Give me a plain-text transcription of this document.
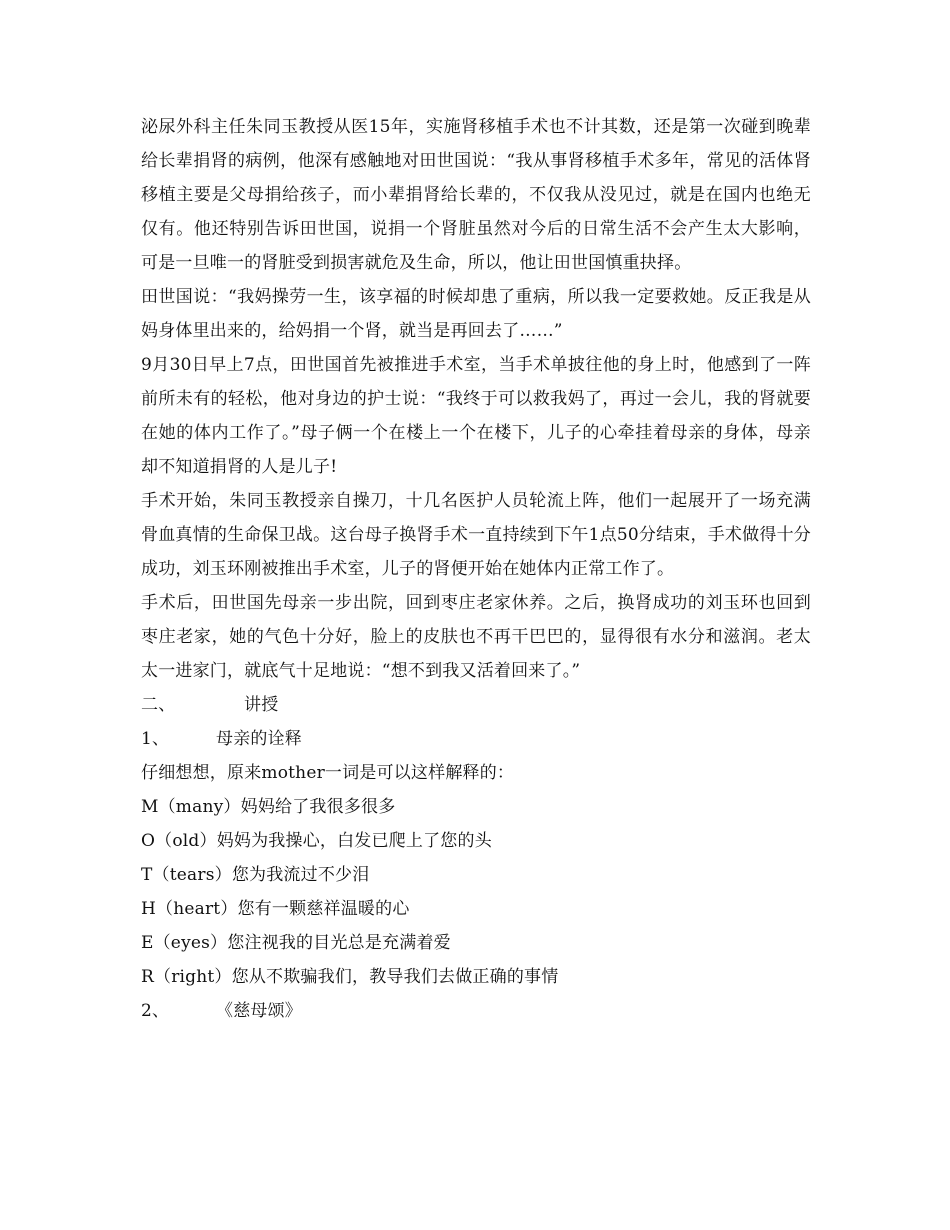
泌尿外科主任朱同玉教授从医15年，实施肾移植手术也不计其数，还是第一次碰到晚辈给长辈捐肾的病例，他深有感触地对田世国说：“我从事肾移植手术多年，常见的活体肾移植主要是父母捐给孩子，而小辈捐肾给长辈的，不仅我从没见过，就是在国内也绝无仅有。他还特别告诉田世国，说捐一个肾脏虽然对今后的日常生活不会产生太大影响，可是一旦唯一的肾脏受到损害就危及生命，所以，他让田世国慎重抉择。

田世国说：“我妈操劳一生，该享福的时候却患了重病，所以我一定要救她。反正我是从妈身体里出来的，给妈捐一个肾，就当是再回去了……”

9月30日早上7点，田世国首先被推进手术室，当手术单披往他的身上时，他感到了一阵前所未有的轻松，他对身边的护士说：“我终于可以救我妈了，再过一会儿，我的肾就要在她的体内工作了。”母子俩一个在楼上一个在楼下，儿子的心牵挂着母亲的身体，母亲却不知道捐肾的人是儿子!

手术开始，朱同玉教授亲自操刀，十几名医护人员轮流上阵，他们一起展开了一场充满骨血真情的生命保卫战。这台母子换肾手术一直持续到下午1点50分结束，手术做得十分成功，刘玉环刚被推出手术室，儿子的肾便开始在她体内正常工作了。

手术后，田世国先母亲一步出院，回到枣庄老家休养。之后，换肾成功的刘玉环也回到枣庄老家，她的气色十分好，脸上的皮肤也不再干巴巴的，显得很有水分和滋润。老太太一进家门，就底气十足地说：“想不到我又活着回来了。”

二、	讲授

1、	母亲的诠释

仔细想想，原来mother一词是可以这样解释的：

M（many）妈妈给了我很多很多

O（old）妈妈为我操心，白发已爬上了您的头

T（tears）您为我流过不少泪

H（heart）您有一颗慈祥温暖的心

E（eyes）您注视我的目光总是充满着爱

R（right）您从不欺骗我们，教导我们去做正确的事情

2、	《慈母颂》
